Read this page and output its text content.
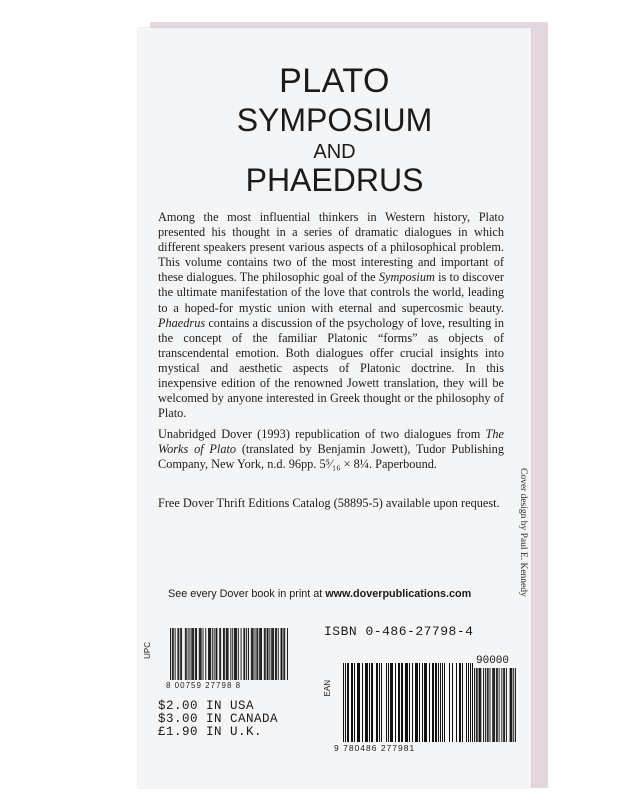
PLATO
SYMPOSIUM
AND
PHAEDRUS

Among the most influential thinkers in Western history, Plato presented his thought in a series of dramatic dialogues in which different speakers present various aspects of a philosophical problem. This volume contains two of the most interesting and important of these dialogues. The philosophic goal of the Symposium is to discover the ultimate manifestation of the love that controls the world, leading to a hoped-for mystic union with eternal and supercosmic beauty. Phaedrus contains a discussion of the psychology of love, resulting in the concept of the familiar Platonic “forms” as objects of transcendental emotion. Both dialogues offer crucial insights into mystical and aesthetic aspects of Platonic doctrine. In this inexpensive edition of the renowned Jowett translation, they will be welcomed by anyone interested in Greek thought or the philosophy of Plato.

Unabridged Dover (1993) republication of two dialogues from The Works of Plato (translated by Benjamin Jowett), Tudor Publishing Company, New York, n.d. 96pp. 5⁵⁄₁₆ × 8¼. Paperbound.

Free Dover Thrift Editions Catalog (58895-5) available upon request.	Cover design by Paul E. Kennedy
See every Dover book in print at www.doverpublications.com
UPC
8 00759 27798 8
$2.00 IN USA
$3.00 IN CANADA
£1.90 IN U.K.
ISBN 0-486-27798-4
EAN
9 780486 277981
90000
